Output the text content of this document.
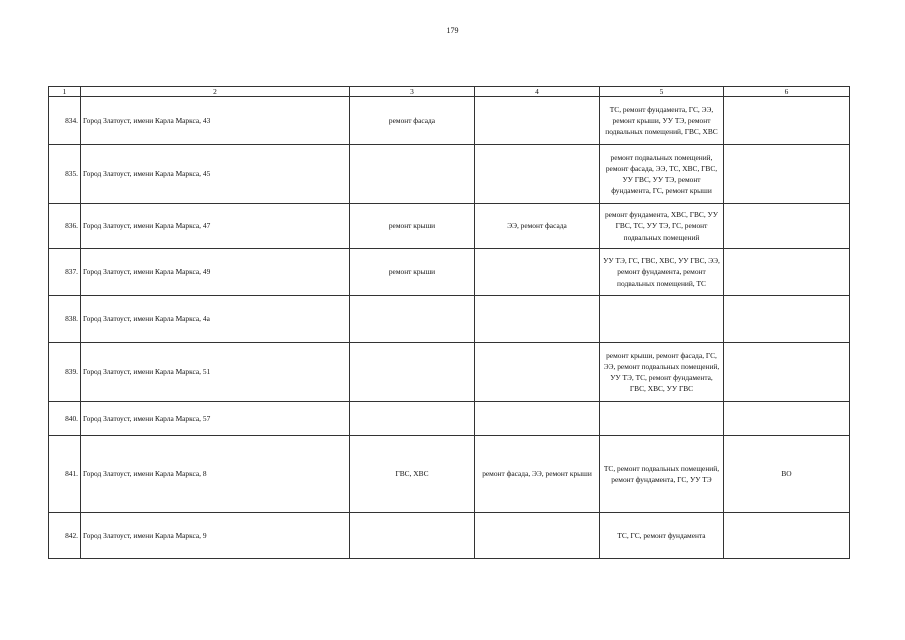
179
1	2	3	4	5	6
834.	Город Златоуст, имени Карла Маркса, 43	ремонт фасада		ТС, ремонт фундамента, ГС, ЭЭ, ремонт крыши, УУ ТЭ, ремонт подвальных помещений, ГВС, ХВС	
835.	Город Златоуст, имени Карла Маркса, 45			ремонт подвальных помещений, ремонт фасада, ЭЭ, ТС, ХВС, ГВС, УУ ГВС, УУ ТЭ, ремонт фундамента, ГС, ремонт крыши	
836.	Город Златоуст, имени Карла Маркса, 47	ремонт крыши	ЭЭ, ремонт фасада	ремонт фундамента, ХВС, ГВС, УУ ГВС, ТС, УУ ТЭ, ГС, ремонт подвальных помещений	
837.	Город Златоуст, имени Карла Маркса, 49	ремонт крыши		УУ ТЭ, ГС, ГВС, ХВС, УУ ГВС, ЭЭ, ремонт фундамента, ремонт подвальных помещений, ТС	
838.	Город Златоуст, имени Карла Маркса, 4а				
839.	Город Златоуст, имени Карла Маркса, 51			ремонт крыши, ремонт фасада, ГС, ЭЭ, ремонт подвальных помещений, УУ ТЭ, ТС, ремонт фундамента, ГВС, ХВС, УУ ГВС	
840.	Город Златоуст, имени Карла Маркса, 57				
841.	Город Златоуст, имени Карла Маркса, 8	ГВС, ХВС	ремонт фасада, ЭЭ, ремонт крыши	ТС, ремонт подвальных помещений, ремонт фундамента, ГС, УУ ТЭ	ВО
842.	Город Златоуст, имени Карла Маркса, 9			ТС, ГС, ремонт фундамента	
